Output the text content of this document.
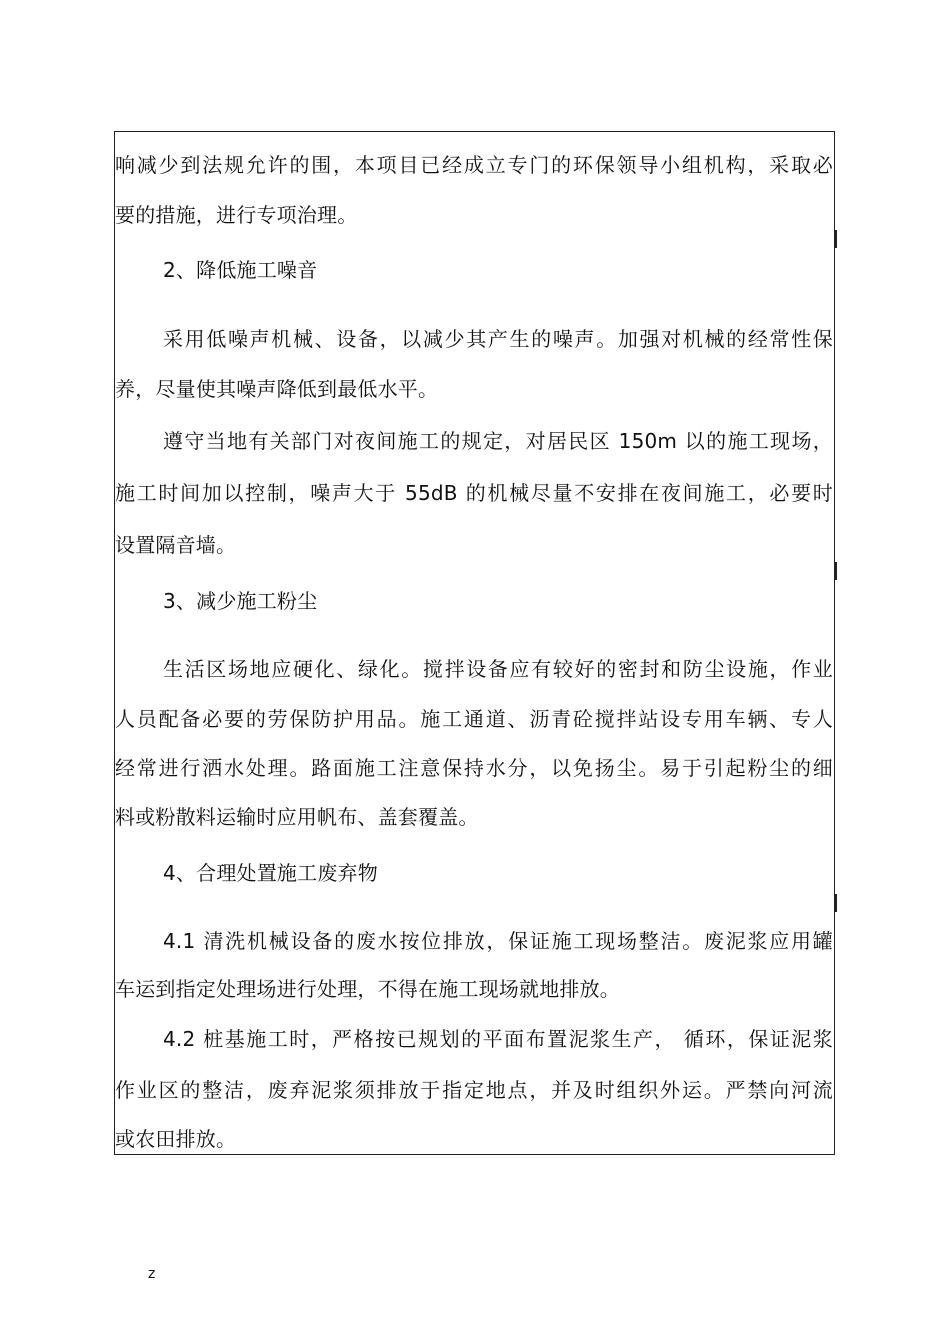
响减少到法规允许的围，本项目已经成立专门的环保领导小组机构，采取必
要的措施，进行专项治理。
2、降低施工噪音
采用低噪声机械、设备，以减少其产生的噪声。加强对机械的经常性保
养，尽量使其噪声降低到最低水平。
遵守当地有关部门对夜间施工的规定，对居民区 150m 以的施工现场，
施工时间加以控制，噪声大于 55dB 的机械尽量不安排在夜间施工，必要时
设置隔音墙。
3、减少施工粉尘
生活区场地应硬化、绿化。搅拌设备应有较好的密封和防尘设施，作业
人员配备必要的劳保防护用品。施工通道、沥青砼搅拌站设专用车辆、专人
经常进行洒水处理。路面施工注意保持水分，以免扬尘。易于引起粉尘的细
料或粉散料运输时应用帆布、盖套覆盖。
4、合理处置施工废弃物
4.1 清洗机械设备的废水按位排放，保证施工现场整洁。废泥浆应用罐
车运到指定处理场进行处理，不得在施工现场就地排放。
4.2 桩基施工时，严格按已规划的平面布置泥浆生产， 循环，保证泥浆
作业区的整洁，废弃泥浆须排放于指定地点，并及时组织外运。严禁向河流
或农田排放。
z
